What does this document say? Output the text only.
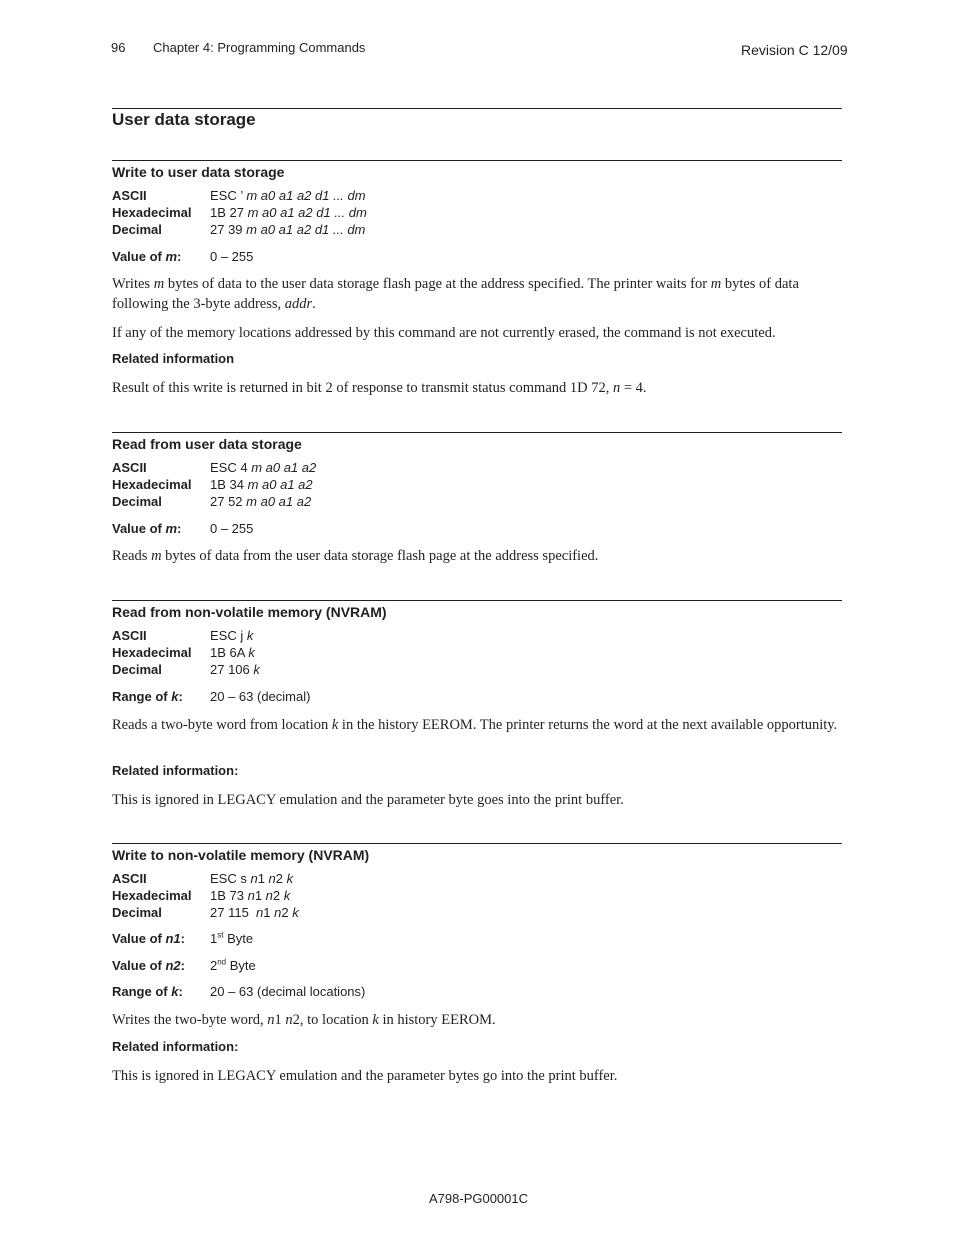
96 Chapter 4: Programming Commands	Revision C 12/09
User data storage
Write to user data storage
ASCII	ESC ’ m a0 a1 a2 d1 ... dm
Hexadecimal 1B 27 m a0 a1 a2 d1 ... dm
Decimal	27 39 m a0 a1 a2 d1 ... dm
Value of m: 0 – 255
Writes m bytes of data to the user data storage flash page at the address specified. The printer waits for m bytes of data following the 3-byte address, addr.
If any of the memory locations addressed by this command are not currently erased, the command is not executed.
Related information
Result of this write is returned in bit 2 of response to transmit status command 1D 72, n = 4.
Read from user data storage
ASCII	ESC 4 m a0 a1 a2
Hexadecimal 1B 34 m a0 a1 a2
Decimal	27 52 m a0 a1 a2
Value of m: 0 – 255
Reads m bytes of data from the user data storage flash page at the address specified.
Read from non-volatile memory (NVRAM)
ASCII	ESC j k
Hexadecimal 1B 6A k
Decimal	27 106 k
Range of k: 20 – 63 (decimal)
Reads a two-byte word from location k in the history EEROM. The printer returns the word at the next available opportunity.
Related information:
This is ignored in LEGACY emulation and the parameter byte goes into the print buffer.
Write to non-volatile memory (NVRAM)
ASCII	ESC s n1 n2 k
Hexadecimal 1B 73 n1 n2 k
Decimal	27 115  n1 n2 k
Value of n1: 1st Byte
Value of n2: 2nd Byte
Range of k: 20 – 63 (decimal locations)
Writes the two-byte word, n1 n2, to location k in history EEROM.
Related information:
This is ignored in LEGACY emulation and the parameter bytes go into the print buffer.
A798-PG00001C
